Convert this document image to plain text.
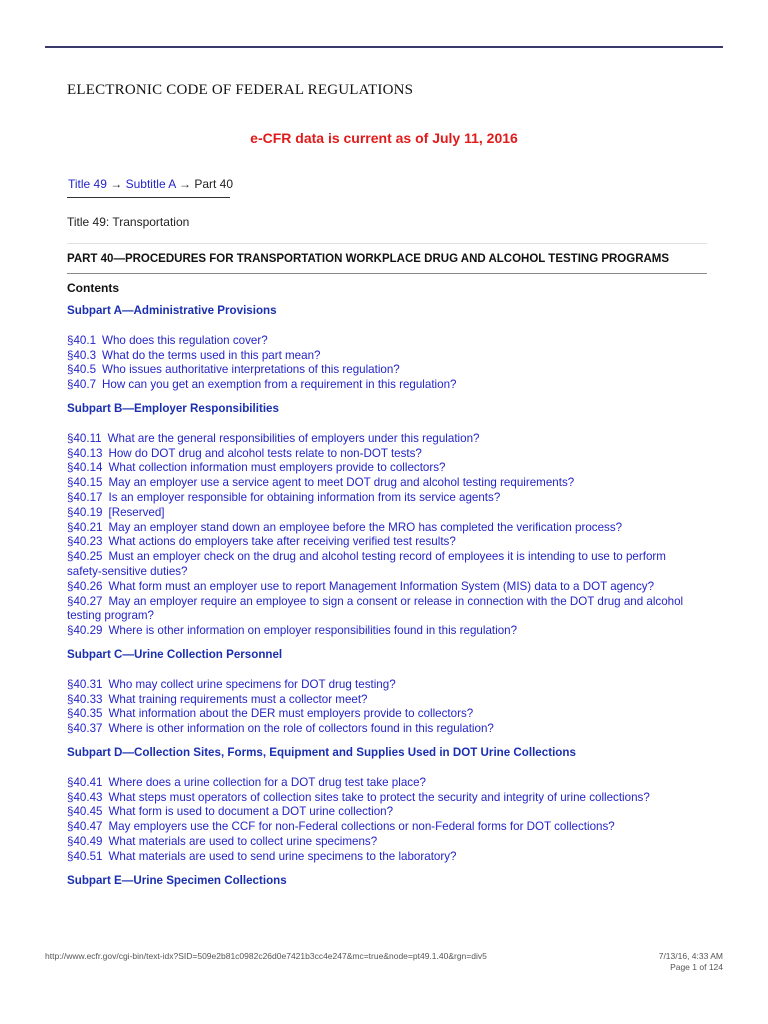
ELECTRONIC CODE OF FEDERAL REGULATIONS
e-CFR data is current as of July 11, 2016
Title 49 → Subtitle A → Part 40
Title 49: Transportation
PART 40—PROCEDURES FOR TRANSPORTATION WORKPLACE DRUG AND ALCOHOL TESTING PROGRAMS
Contents
Subpart A—Administrative Provisions
§40.1 Who does this regulation cover?
§40.3 What do the terms used in this part mean?
§40.5 Who issues authoritative interpretations of this regulation?
§40.7 How can you get an exemption from a requirement in this regulation?
Subpart B—Employer Responsibilities
§40.11 What are the general responsibilities of employers under this regulation?
§40.13 How do DOT drug and alcohol tests relate to non-DOT tests?
§40.14 What collection information must employers provide to collectors?
§40.15 May an employer use a service agent to meet DOT drug and alcohol testing requirements?
§40.17 Is an employer responsible for obtaining information from its service agents?
§40.19 [Reserved]
§40.21 May an employer stand down an employee before the MRO has completed the verification process?
§40.23 What actions do employers take after receiving verified test results?
§40.25 Must an employer check on the drug and alcohol testing record of employees it is intending to use to perform safety-sensitive duties?
§40.26 What form must an employer use to report Management Information System (MIS) data to a DOT agency?
§40.27 May an employer require an employee to sign a consent or release in connection with the DOT drug and alcohol testing program?
§40.29 Where is other information on employer responsibilities found in this regulation?
Subpart C—Urine Collection Personnel
§40.31 Who may collect urine specimens for DOT drug testing?
§40.33 What training requirements must a collector meet?
§40.35 What information about the DER must employers provide to collectors?
§40.37 Where is other information on the role of collectors found in this regulation?
Subpart D—Collection Sites, Forms, Equipment and Supplies Used in DOT Urine Collections
§40.41 Where does a urine collection for a DOT drug test take place?
§40.43 What steps must operators of collection sites take to protect the security and integrity of urine collections?
§40.45 What form is used to document a DOT urine collection?
§40.47 May employers use the CCF for non-Federal collections or non-Federal forms for DOT collections?
§40.49 What materials are used to collect urine specimens?
§40.51 What materials are used to send urine specimens to the laboratory?
Subpart E—Urine Specimen Collections
http://www.ecfr.gov/cgi-bin/text-idx?SID=509e2b81c0982c26d0e7421b3cc4e247&mc=true&node=pt49.1.40&rgn=div5	7/13/16, 4:33 AM
Page 1 of 124
